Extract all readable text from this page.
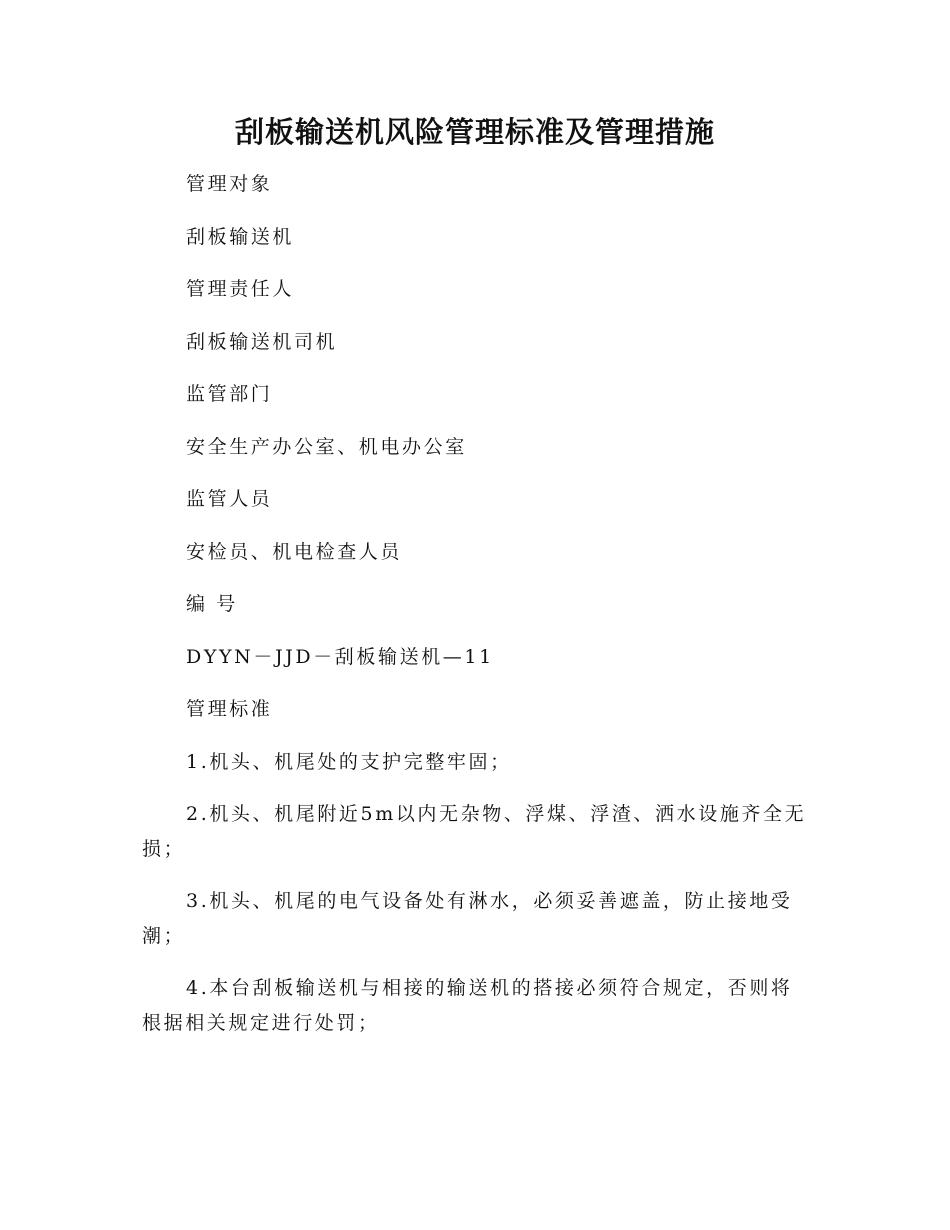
刮板输送机风险管理标准及管理措施

管理对象

刮板输送机

管理责任人

刮板输送机司机

监管部门

安全生产办公室、机电办公室

监管人员

安检员、机电检查人员

编 号

DYYN－JJD－刮板输送机—11

管理标准

1.机头、机尾处的支护完整牢固；

2.机头、机尾附近5m以内无杂物、浮煤、浮渣、洒水设施齐全无损；

3.机头、机尾的电气设备处有淋水，必须妥善遮盖，防止接地受潮；

4.本台刮板输送机与相接的输送机的搭接必须符合规定，否则将根据相关规定进行处罚；
